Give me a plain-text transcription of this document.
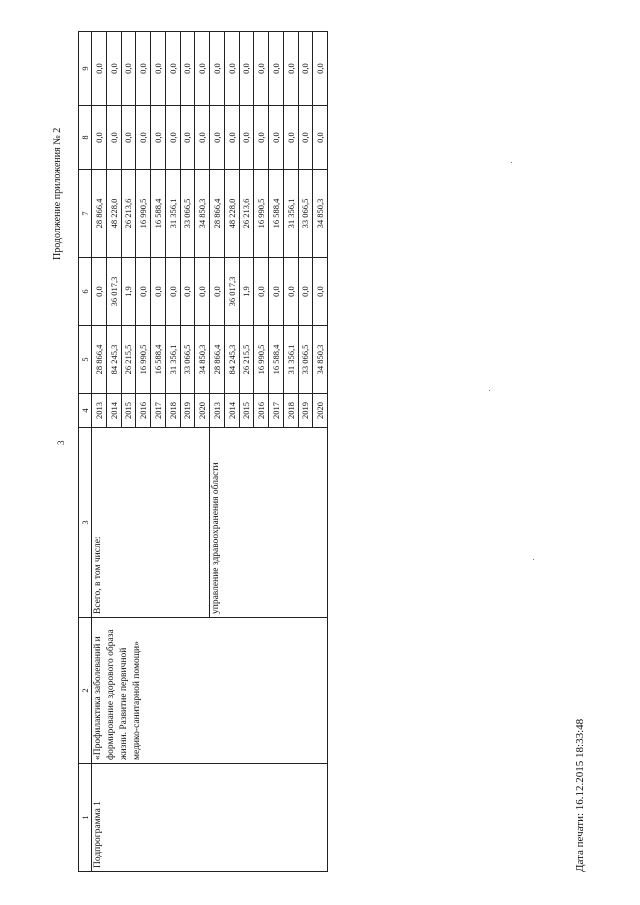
3
Продолжение приложения № 2
1	2	3	4	5	6	7	8	9
Подпрограмма 1	«Профилактика заболеваний и формирование здорового образа жизни. Развитие первичной медико-санитарной помощи»	Всего, в том числе:	2013	28 866,4	0,0	28 866,4	0,0	0,0
			2014	84 245,3	36 017,3	48 228,0	0,0	0,0
			2015	26 215,5	1,9	26 213,6	0,0	0,0
			2016	16 990,5	0,0	16 990,5	0,0	0,0
			2017	16 588,4	0,0	16 588,4	0,0	0,0
			2018	31 356,1	0,0	31 356,1	0,0	0,0
			2019	33 066,5	0,0	33 066,5	0,0	0,0
			2020	34 850,3	0,0	34 850,3	0,0	0,0
		управление здравоохранения области	2013	28 866,4	0,0	28 866,4	0,0	0,0
			2014	84 245,3	36 017,3	48 228,0	0,0	0,0
			2015	26 215,5	1,9	26 213,6	0,0	0,0
			2016	16 990,5	0,0	16 990,5	0,0	0,0
			2017	16 588,4	0,0	16 588,4	0,0	0,0
			2018	31 356,1	0,0	31 356,1	0,0	0,0
			2019	33 066,5	0,0	33 066,5	0,0	0,0
			2020	34 850,3	0,0	34 850,3	0,0	0,0
Дата печати: 16.12.2015 18:33:48
